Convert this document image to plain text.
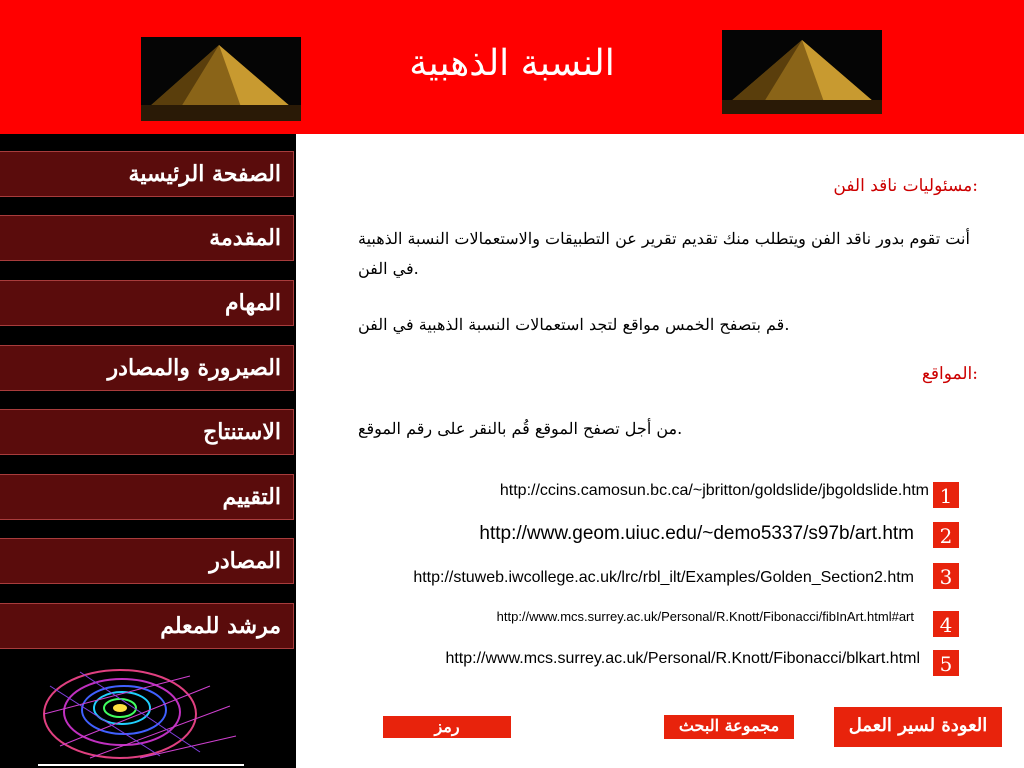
النسبة الذهبية
الصفحة الرئيسية
المقدمة
المهام
الصيرورة والمصادر
الاستنتاج
التقييم
المصادر
مرشد للمعلم
مسئوليات ناقد الفن:
أنت تقوم بدور ناقد الفن ويتطلب منك تقديم تقرير عن التطبيقات والاستعمالات النسبة الذهبية في الفن.
قم بتصفح الخمس مواقع لتجد استعمالات النسبة الذهبية في الفن.
المواقع:
من أجل تصفح الموقع قُم بالنقر على رقم الموقع.
http://ccins.camosun.bc.ca/~jbritton/goldslide/jbgoldslide.htm 1
http://www.geom.uiuc.edu/~demo5337/s97b/art.htm	2
http://stuweb.iwcollege.ac.uk/lrc/rbl_ilt/Examples/Golden_Section2.htm	3
http://www.mcs.surrey.ac.uk/Personal/R.Knott/Fibonacci/fibInArt.html#art	4
http://www.mcs.surrey.ac.uk/Personal/R.Knott/Fibonacci/blkart.html 5
العودة لسير العمل
مجموعة البحث
رمز
